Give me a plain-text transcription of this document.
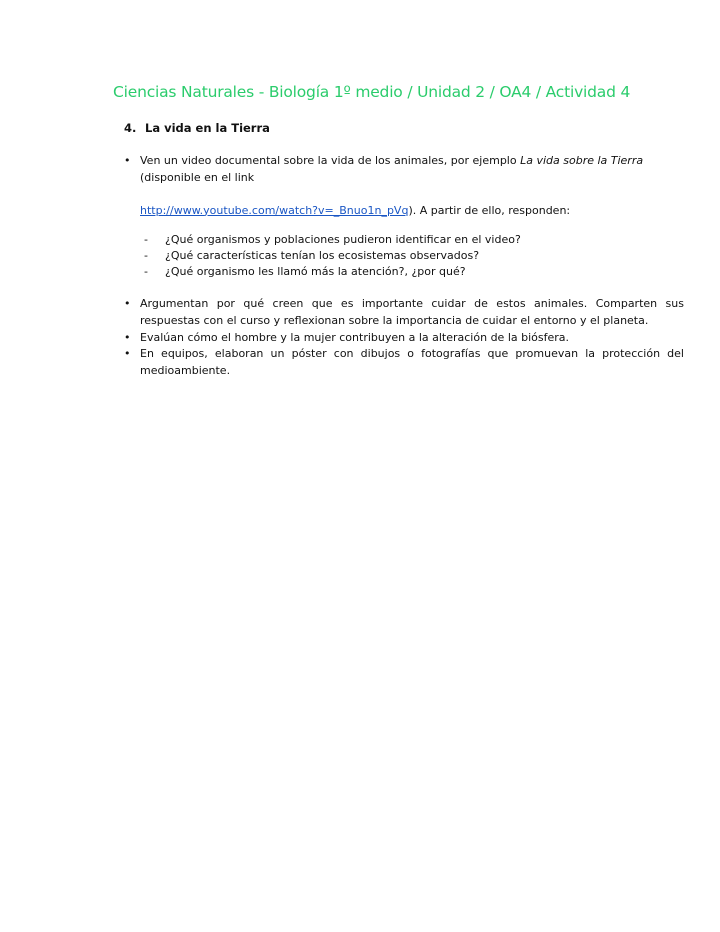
Ciencias Naturales - Biología 1º medio / Unidad 2 / OA4 / Actividad 4
4. La vida en la Tierra
• Ven un video documental sobre la vida de los animales, por ejemplo La vida sobre la Tierra
(disponible en el link

http://www.youtube.com/watch?v=_Bnuo1n_pVq). A partir de ello, responden:
- ¿Qué organismos y poblaciones pudieron identificar en el video?
- ¿Qué características tenían los ecosistemas observados?
- ¿Qué organismo les llamó más la atención?, ¿por qué?
• Argumentan por qué creen que es importante cuidar de estos animales. Comparten sus respuestas con el curso y reflexionan sobre la importancia de cuidar el entorno y el planeta.
• Evalúan cómo el hombre y la mujer contribuyen a la alteración de la biósfera.
• En equipos, elaboran un póster con dibujos o fotografías que promuevan la protección del medioambiente.
